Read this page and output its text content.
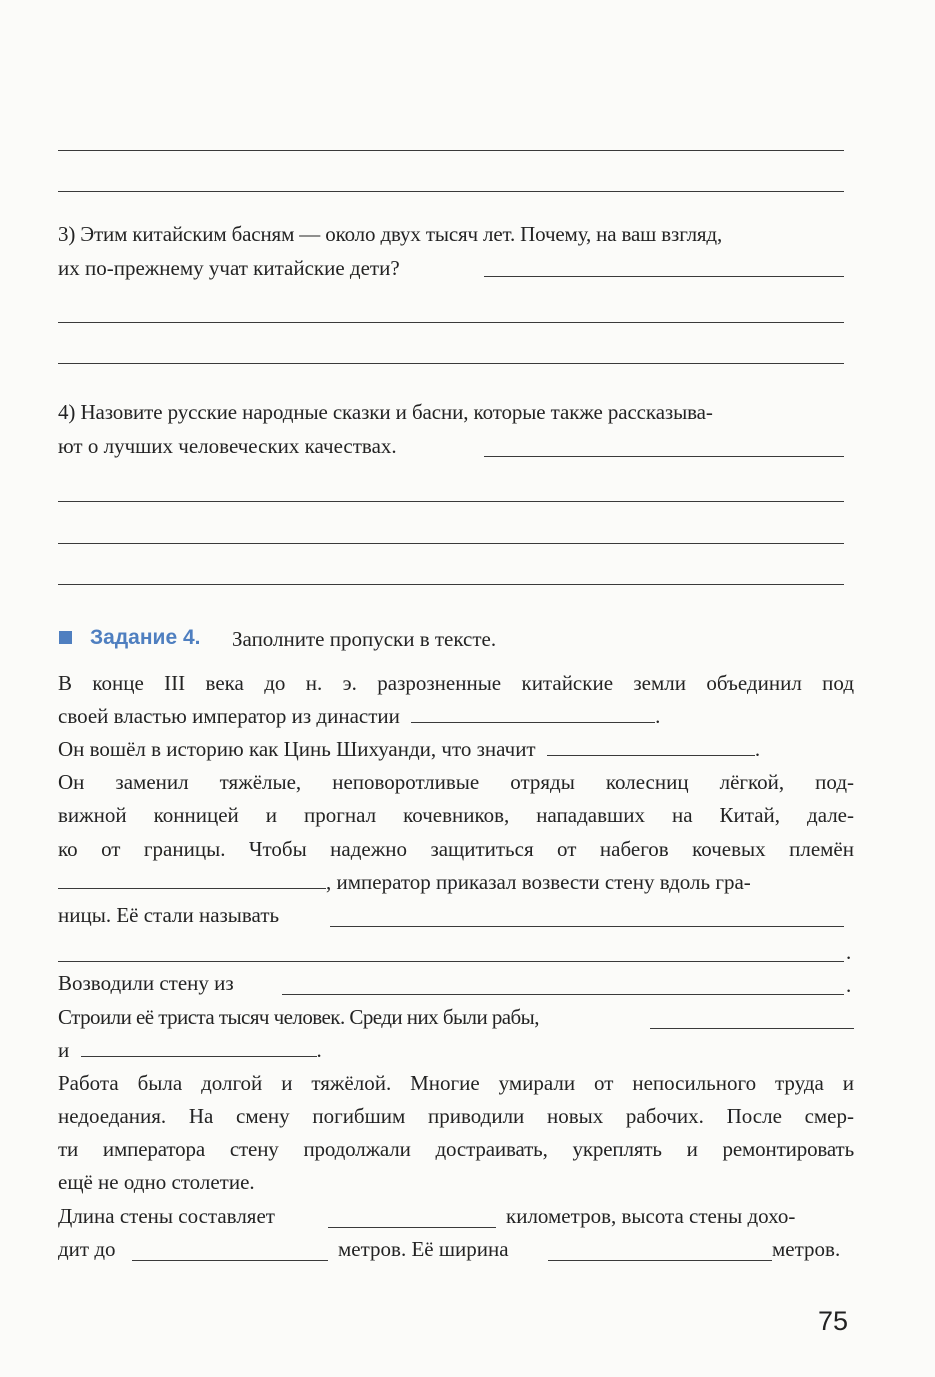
3) Этим китайским басням — около двух тысяч лет. Почему, на ваш взгляд,
их по-прежнему учат китайские дети?
4) Назовите русские народные сказки и басни, которые также рассказыва-
ют о лучших человеческих качествах.
Задание 4. Заполните пропуски в тексте.
В конце III века до н. э. разрозненные китайские земли объединил под
своей властью император из династии	.
Он вошёл в историю как Цинь Шихуанди, что значит	.
Он заменил тяжёлые, неповоротливые отряды колесниц лёгкой, под-
вижной конницей и прогнал кочевников, нападавших на Китай, дале-
ко от границы. Чтобы надежно защититься от набегов кочевых племён
, император приказал возвести стену вдоль гра-
ницы. Её стали называть
.
Возводили стену из	.
Строили её триста тысяч человек. Среди них были рабы,
и	.
Работа была долгой и тяжёлой. Многие умирали от непосильного труда и
недоедания. На смену погибшим приводили новых рабочих. После смер-
ти императора стену продолжали достраивать, укреплять и ремонтировать
ещё не одно столетие.
Длина стены составляет	километров, высота стены дохо-
дит до	метров. Её ширина	метров.
75
